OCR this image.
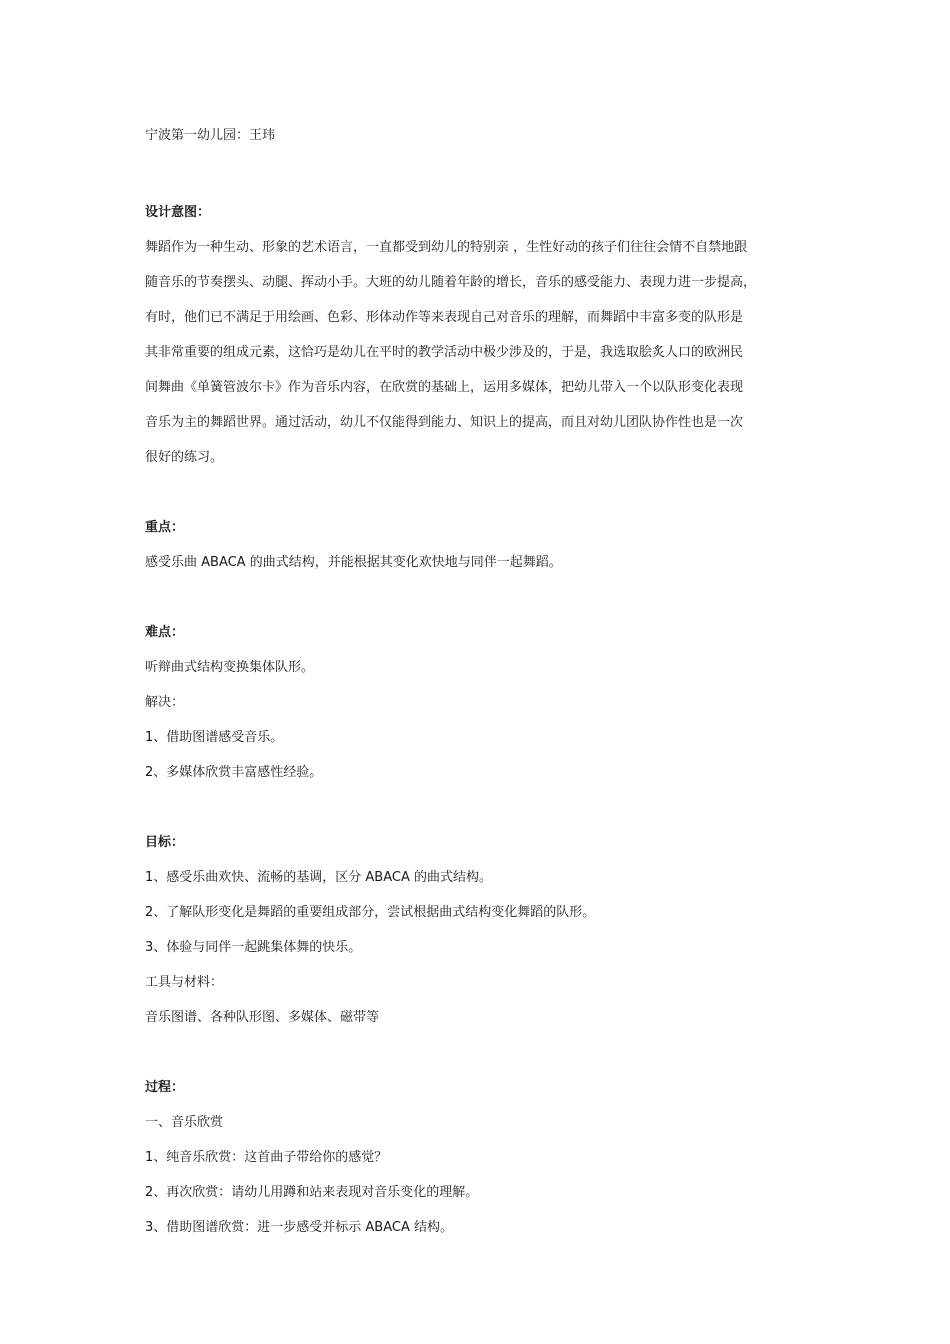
宁波第一幼儿园：王玮
设计意图：
舞蹈作为一种生动、形象的艺术语言，一直都受到幼儿的特别亲 ，生性好动的孩子们往往会情不自禁地跟
随音乐的节奏摆头、动腿、挥动小手。大班的幼儿随着年龄的增长，音乐的感受能力、表现力进一步提高，
有时，他们已不满足于用绘画、色彩、形体动作等来表现自己对音乐的理解，而舞蹈中丰富多变的队形是
其非常重要的组成元素，这恰巧是幼儿在平时的教学活动中极少涉及的，于是，我选取脍炙人口的欧洲民
间舞曲《单簧管波尔卡》作为音乐内容，在欣赏的基础上，运用多媒体，把幼儿带入一个以队形变化表现
音乐为主的舞蹈世界。通过活动，幼儿不仅能得到能力、知识上的提高，而且对幼儿团队协作性也是一次
很好的练习。
重点：
感受乐曲 ABACA 的曲式结构，并能根据其变化欢快地与同伴一起舞蹈。
难点：
听辩曲式结构变换集体队形。
解决：
1、借助图谱感受音乐。
2、多媒体欣赏丰富感性经验。
目标：
1、感受乐曲欢快、流畅的基调，区分 ABACA 的曲式结构。
2、了解队形变化是舞蹈的重要组成部分，尝试根据曲式结构变化舞蹈的队形。
3、体验与同伴一起跳集体舞的快乐。
工具与材料：
音乐图谱、各种队形图、多媒体、磁带等
过程：
一、音乐欣赏
1、纯音乐欣赏：这首曲子带给你的感觉？
2、再次欣赏：请幼儿用蹲和站来表现对音乐变化的理解。
3、借助图谱欣赏：进一步感受并标示 ABACA 结构。
